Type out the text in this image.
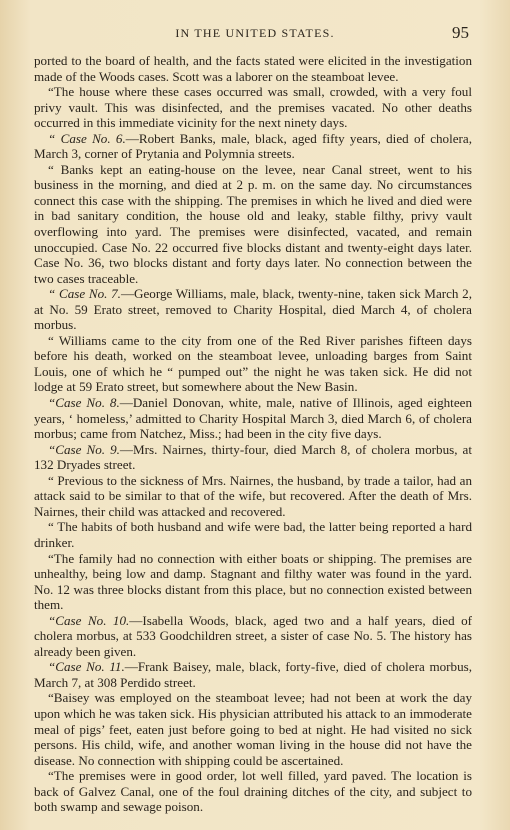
IN THE UNITED STATES.	95

ported to the board of health, and the facts stated were elicited in the investigation made of the Woods cases. Scott was a laborer on the steamboat levee.

“The house where these cases occurred was small, crowded, with a very foul privy vault. This was disinfected, and the premises vacated. No other deaths occurred in this immediate vicinity for the next ninety days.

“ Case No. 6.—Robert Banks, male, black, aged fifty years, died of cholera, March 3, corner of Prytania and Polymnia streets.

“ Banks kept an eating-house on the levee, near Canal street, went to his business in the morning, and died at 2 p. m. on the same day. No circumstances connect this case with the shipping. The premises in which he lived and died were in bad sanitary condition, the house old and leaky, stable filthy, privy vault overflowing into yard. The premises were disinfected, vacated, and remain unoccupied. Case No. 22 occurred five blocks distant and twenty-eight days later. Case No. 36, two blocks distant and forty days later. No connection between the two cases traceable.

“ Case No. 7.—George Williams, male, black, twenty-nine, taken sick March 2, at No. 59 Erato street, removed to Charity Hospital, died March 4, of cholera morbus.

“ Williams came to the city from one of the Red River parishes fifteen days before his death, worked on the steamboat levee, unloading barges from Saint Louis, one of which he “ pumped out” the night he was taken sick. He did not lodge at 59 Erato street, but somewhere about the New Basin.

“Case No. 8.—Daniel Donovan, white, male, native of Illinois, aged eighteen years, ‘ homeless,’ admitted to Charity Hospital March 3, died March 6, of cholera morbus; came from Natchez, Miss.; had been in the city five days.

“Case No. 9.—Mrs. Nairnes, thirty-four, died March 8, of cholera morbus, at 132 Dryades street.

“ Previous to the sickness of Mrs. Nairnes, the husband, by trade a tailor, had an attack said to be similar to that of the wife, but recovered. After the death of Mrs. Nairnes, their child was attacked and recovered.

“ The habits of both husband and wife were bad, the latter being reported a hard drinker.

“The family had no connection with either boats or shipping. The premises are unhealthy, being low and damp. Stagnant and filthy water was found in the yard. No. 12 was three blocks distant from this place, but no connection existed between them.

“Case No. 10.—Isabella Woods, black, aged two and a half years, died of cholera morbus, at 533 Goodchildren street, a sister of case No. 5. The history has already been given.

“Case No. 11.—Frank Baisey, male, black, forty-five, died of cholera morbus, March 7, at 308 Perdido street.

“Baisey was employed on the steamboat levee; had not been at work the day upon which he was taken sick. His physician attributed his attack to an immoderate meal of pigs’ feet, eaten just before going to bed at night. He had visited no sick persons. His child, wife, and another woman living in the house did not have the disease. No connection with shipping could be ascertained.

“The premises were in good order, lot well filled, yard paved. The location is back of Galvez Canal, one of the foul draining ditches of the city, and subject to both swamp and sewage poison.
